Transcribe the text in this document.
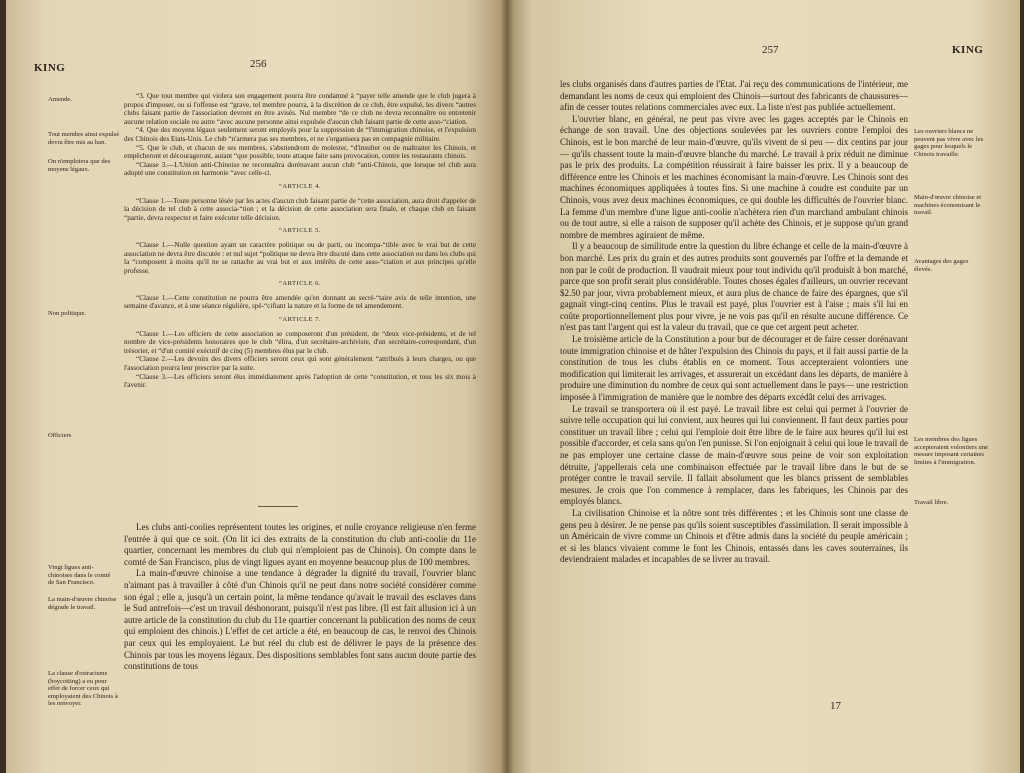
KING	256
Amende.
Tout membre ainsi expulsé devra être mis au ban.
On n'emploiera que des moyens légaux.
Non politique.
Officiers
Vingt ligues anti-chinoises dans le comté de San Francisco.
La main-d'œuvre chinoise dégrade le travail.
La clause d'ostracisme (boycotting) a eu pour effet de forcer ceux qui employaient des Chinois à les renvoyer.

“3. Que tout membre qui violera son engagement pourra être condamné à “payer telle amende que le club jugera à propos d'imposer, ou si l'offense est “grave, tel membre pourra, à la discrétion de ce club, être expulsé, les divers “autres clubs faisant partie de l'association devront en être avisés. Nul membre “de ce club ne devra reconnaître ou entretenir aucune relation sociale ou autre “avec aucune personne ainsi expulsée d'aucun club faisant partie de cette asso-“ciation.

“4. Que des moyens légaux seulement seront employés pour la suppression de “l'immigration chinoise, et l'expulsion des Chinois des Etats-Unis. Le club “n'armera pas ses membres, et ne s'organisera pas en compagnie militaire.

“5. Que le club, et chacun de ses membres, s'abstiendront de molester, “d'insulter ou de maltraiter les Chinois, et empêcheront et décourageront, autant “que possible, toute attaque faite sans provocation, contre les restaurants chinois.

“Clause 3.—L'Union anti-Chinoise ne reconnaîtra dorénavant aucun club “anti-Chinois, que lorsque tel club aura adopté une constitution en harmonie “avec celle-ci.

“ARTICLE 4.

“Clause 1.—Toute personne lésée par les actes d'aucun club faisant partie de “cette association, aura droit d'appeler de la décision de tel club à cette associa-“tion ; et la décision de cette association sera finale, et chaque club en faisant “partie, devra respecter et faire exécuter telle décision.

“ARTICLE 5.

“Clause 1.—Nulle question ayant un caractère politique ou de parti, ou incompa-“tible avec le vrai but de cette association ne devra être discutée : et nul sujet “politique ne devra être discuté dans cette association ou dans les clubs qui la “composent à moins qu'il ne se rattache au vrai but et aux intérêts de cette asso-“ciation et aux principes qu'elle professe.

“ARTICLE 6.

“Clause 1.—Cette constitution ne pourra être amendée qu'en donnant au secré-“taire avis de telle intention, une semaine d'avance, et à une séance régulière, spé-“cifiant la nature et la forme de tel amendement.

“ARTICLE 7.

“Clause 1.—Les officiers de cette association se composeront d'un président, de “deux vice-présidents, et de tel nombre de vice-présidents honoraires que le club “élira, d'un secrétaire-archiviste, d'un secrétaire-correspondant, d'un trésorier, et “d'un comité exécutif de cinq (5) membres élus par le club.

“Clause 2.—Les devoirs des divers officiers seront ceux qui sont généralement “attribués à leurs charges, ou que l'association pourra leur prescrire par la suite.

“Clause 3.—Les officiers seront élus immédiatement après l'adoption de cette “constitution, et tous les six mois à l'avenir.

Les clubs anti-coolies représentent toutes les origines, et nulle croyance religieuse n'en ferme l'entrée à qui que ce soit. (On lit ici des extraits de la constitution du club anti-coolie du 11e quartier, concernant les membres du club qui n'emploient pas de Chinois). On compte dans le comté de San Francisco, plus de vingt ligues ayant en moyenne beaucoup plus de 100 membres.

La main-d'œuvre chinoise a une tendance à dégrader la dignité du travail, l'ouvrier blanc n'aimant pas à travailler à côté d'un Chinois qu'il ne peut dans notre société considérer comme son égal ; elle a, jusqu'à un certain point, la même tendance qu'avait le travail des esclaves dans le Sud antrefois—c'est un travail déshonorant, puisqu'il n'est pas libre. (Il est fait allusion ici à un autre article de la constitution du club du 11e quartier concernant la publication des noms de ceux qui emploient des chinois.) L'effet de cet article a été, en beaucoup de cas, le renvoi des Chinois par ceux qui les employaient. Le but réel du club est de délivrer le pays de la présence des Chinois par tous les moyens légaux. Des dispositions semblables font sans aucun doute partie des constitutions de tous

257	KING

les clubs organisés dans d'autres parties de l'Etat. J'ai reçu des communications de l'intérieur, me demandant les noms de ceux qui emploient des Chinois—surtout des fabricants de chaussures—afin de cesser toutes relations commerciales avec eux. La liste n'est pas publiée actuellement.

L'ouvrier blanc, en général, ne peut pas vivre avec les gages acceptés par le Chinois en échange de son travail. Une des objections soulevées par les ouvriers contre l'emploi des Chinois, est le bon marché de leur main-d'œuvre, qu'ils vivent de si peu — dix centins par jour — qu'ils chassent toute la main-d'œuvre blanche du marché. Le travail à prix réduit ne diminue pas le prix des produits. La compétition réussirait à faire baisser les prix. Il y a beaucoup de différence entre les Chinois et les machines économisant la main-d'œuvre. Les Chinois sont des machines économiques appliquées à toutes fins. Si une machine à coudre est conduite par un Chinois, vous avez deux machines économiques, ce qui double les difficultés de l'ouvrier blanc. La femme d'un membre d'une ligue anti-coolie n'achètera rien d'un marchand ambulant chinois ou de tout autre, si elle a raison de supposer qu'il achète des Chinois, et je suppose qu'un grand nombre de membres agiraient de même.

Il y a beaucoup de similitude entre la question du libre échange et celle de la main-d'œuvre à bon marché. Les prix du grain et des autres produits sont gouvernés par l'offre et la demande et non par le coût de production. Il vaudrait mieux pour tout individu qu'il produisît à bon marché, parce que son profit serait plus considérable. Toutes choses égales d'ailleurs, un ouvrier recevant $2.50 par jour, vivra probablement mieux, et aura plus de chance de faire des épargnes, que s'il gagnait vingt-cinq centins. Plus le travail est payé, plus l'ouvrier est à l'aise ; mais s'il lui en coûte proportionnellement plus pour vivre, je ne vois pas qu'il en résulte aucune différence. Ce n'est pas tant l'argent qui est la valeur du travail, que ce que cet argent peut acheter.

Le troisième article de la Constitution a pour but de décourager et de faire cesser dorénavant toute immigration chinoise et de hâter l'expulsion des Chinois du pays, et il fait aussi partie de la constitution de tous les clubs établis en ce moment. Tous accepteraient volontiers une modification qui limiterait les arrivages, et assurerait un excédant dans les départs, de manière à produire une diminution du nombre de ceux qui sont actuellement dans le pays— une restriction imposée à l'immigration de manière que le nombre des départs excédât celui des arrivages.

Le travail se transportera où il est payé. Le travail libre est celui qui permet à l'ouvrier de suivre telle occupation qui lui convient, aux heures qui lui conviennent. Il faut deux parties pour constituer un travail libre ; celui qui l'emploie doit être libre de le faire aux heures qu'il lui est possible d'accorder, et cela sans qu'on l'en punisse. Si l'on enjoignait à celui qui loue le travail de ne pas employer une certaine classe de main-d'œuvre sous peine de voir son exploitation détruite, j'appellerais cela une combinaison effectuée par le travail libre dans le but de se protéger contre le travail servile. Il fallait absolument que les blancs prissent de semblables mesures. Je crois que l'on commence à remplacer, dans les fabriques, les Chinois par des employés blancs.

La civilisation Chinoise et la nôtre sont très différentes ; et les Chinois sont une classe de gens peu à désirer. Je ne pense pas qu'ils soient susceptibles d'assimilation. Il serait impossible à un Américain de vivre comme un Chinois et d'être admis dans la société du peuple américain ; et si les blancs vivaient comme le font les Chinois, entassés dans les caves souterraines, ils deviendraient malades et incapables de se livrer au travail.

Les ouvriers blancs ne peuvent pas vivre avec les gages pour lesquels le Chinois travaille.
Main-d'œuvre chinoise et machines économisant le travail.
Avantages des gages élevés.
Les membres des ligues accepteraient volontiers une mesure imposant certaines limites à l'immigration.
Travail libre.
17
